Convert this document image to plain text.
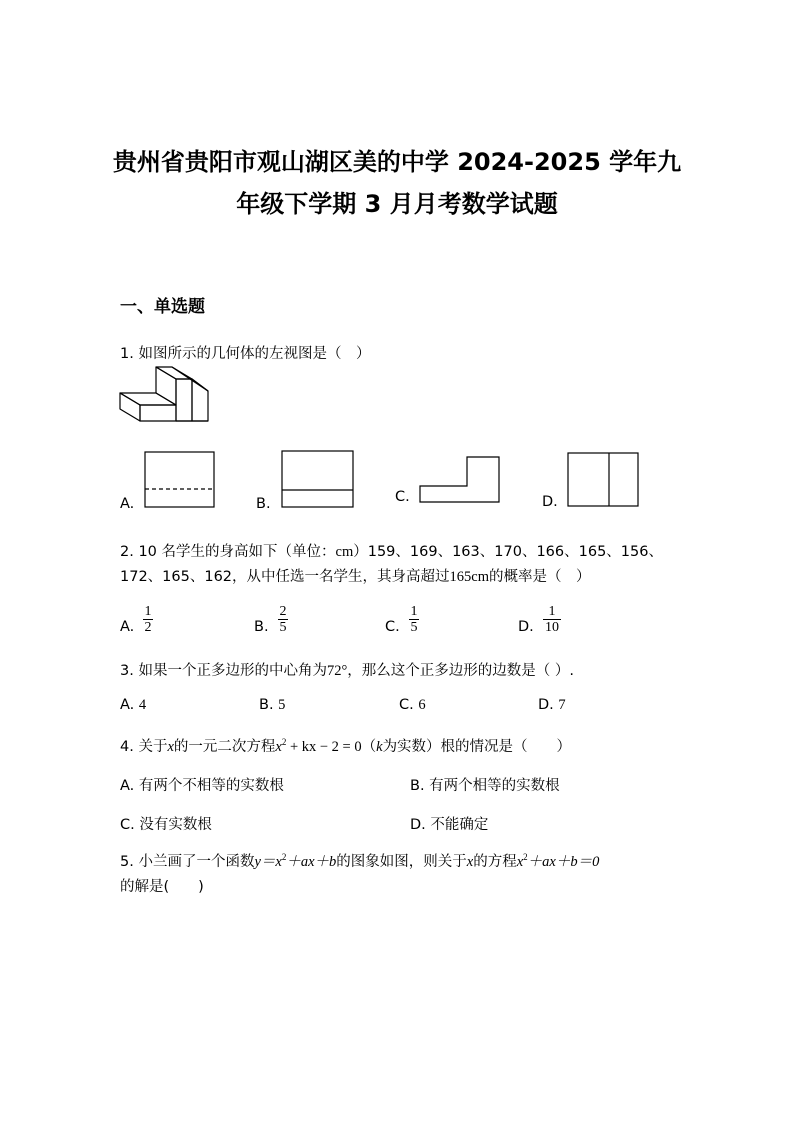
贵州省贵阳市观山湖区美的中学 2024-2025 学年九
年级下学期 3 月月考数学试题
一、单选题
1. 如图所示的几何体的左视图是（　）
A.	B.	C.	D.
2. 10 名学生的身高如下（单位：cm）159、169、163、170、166、165、156、
172、165、162，从中任选一名学生，其身高超过165cm的概率是（　）
A.
1
2	B.
2
5	C.
1
5	D.
1
10
3. 如果一个正多边形的中心角为72°，那么这个正多边形的边数是（ ）.
A. 4	B. 5	C. 6	D. 7
4. 关于x的一元二次方程$x^2$ + kx − 2 = 0（k为实数）根的情况是（　　）
A. 有两个不相等的实数根	B. 有两个相等的实数根
C. 没有实数根	D. 不能确定
5. 小兰画了一个函数$y=x^2+ax+b$的图象如图，则关于x的方程$x^2+ax+b=0$
的解是(　　)
